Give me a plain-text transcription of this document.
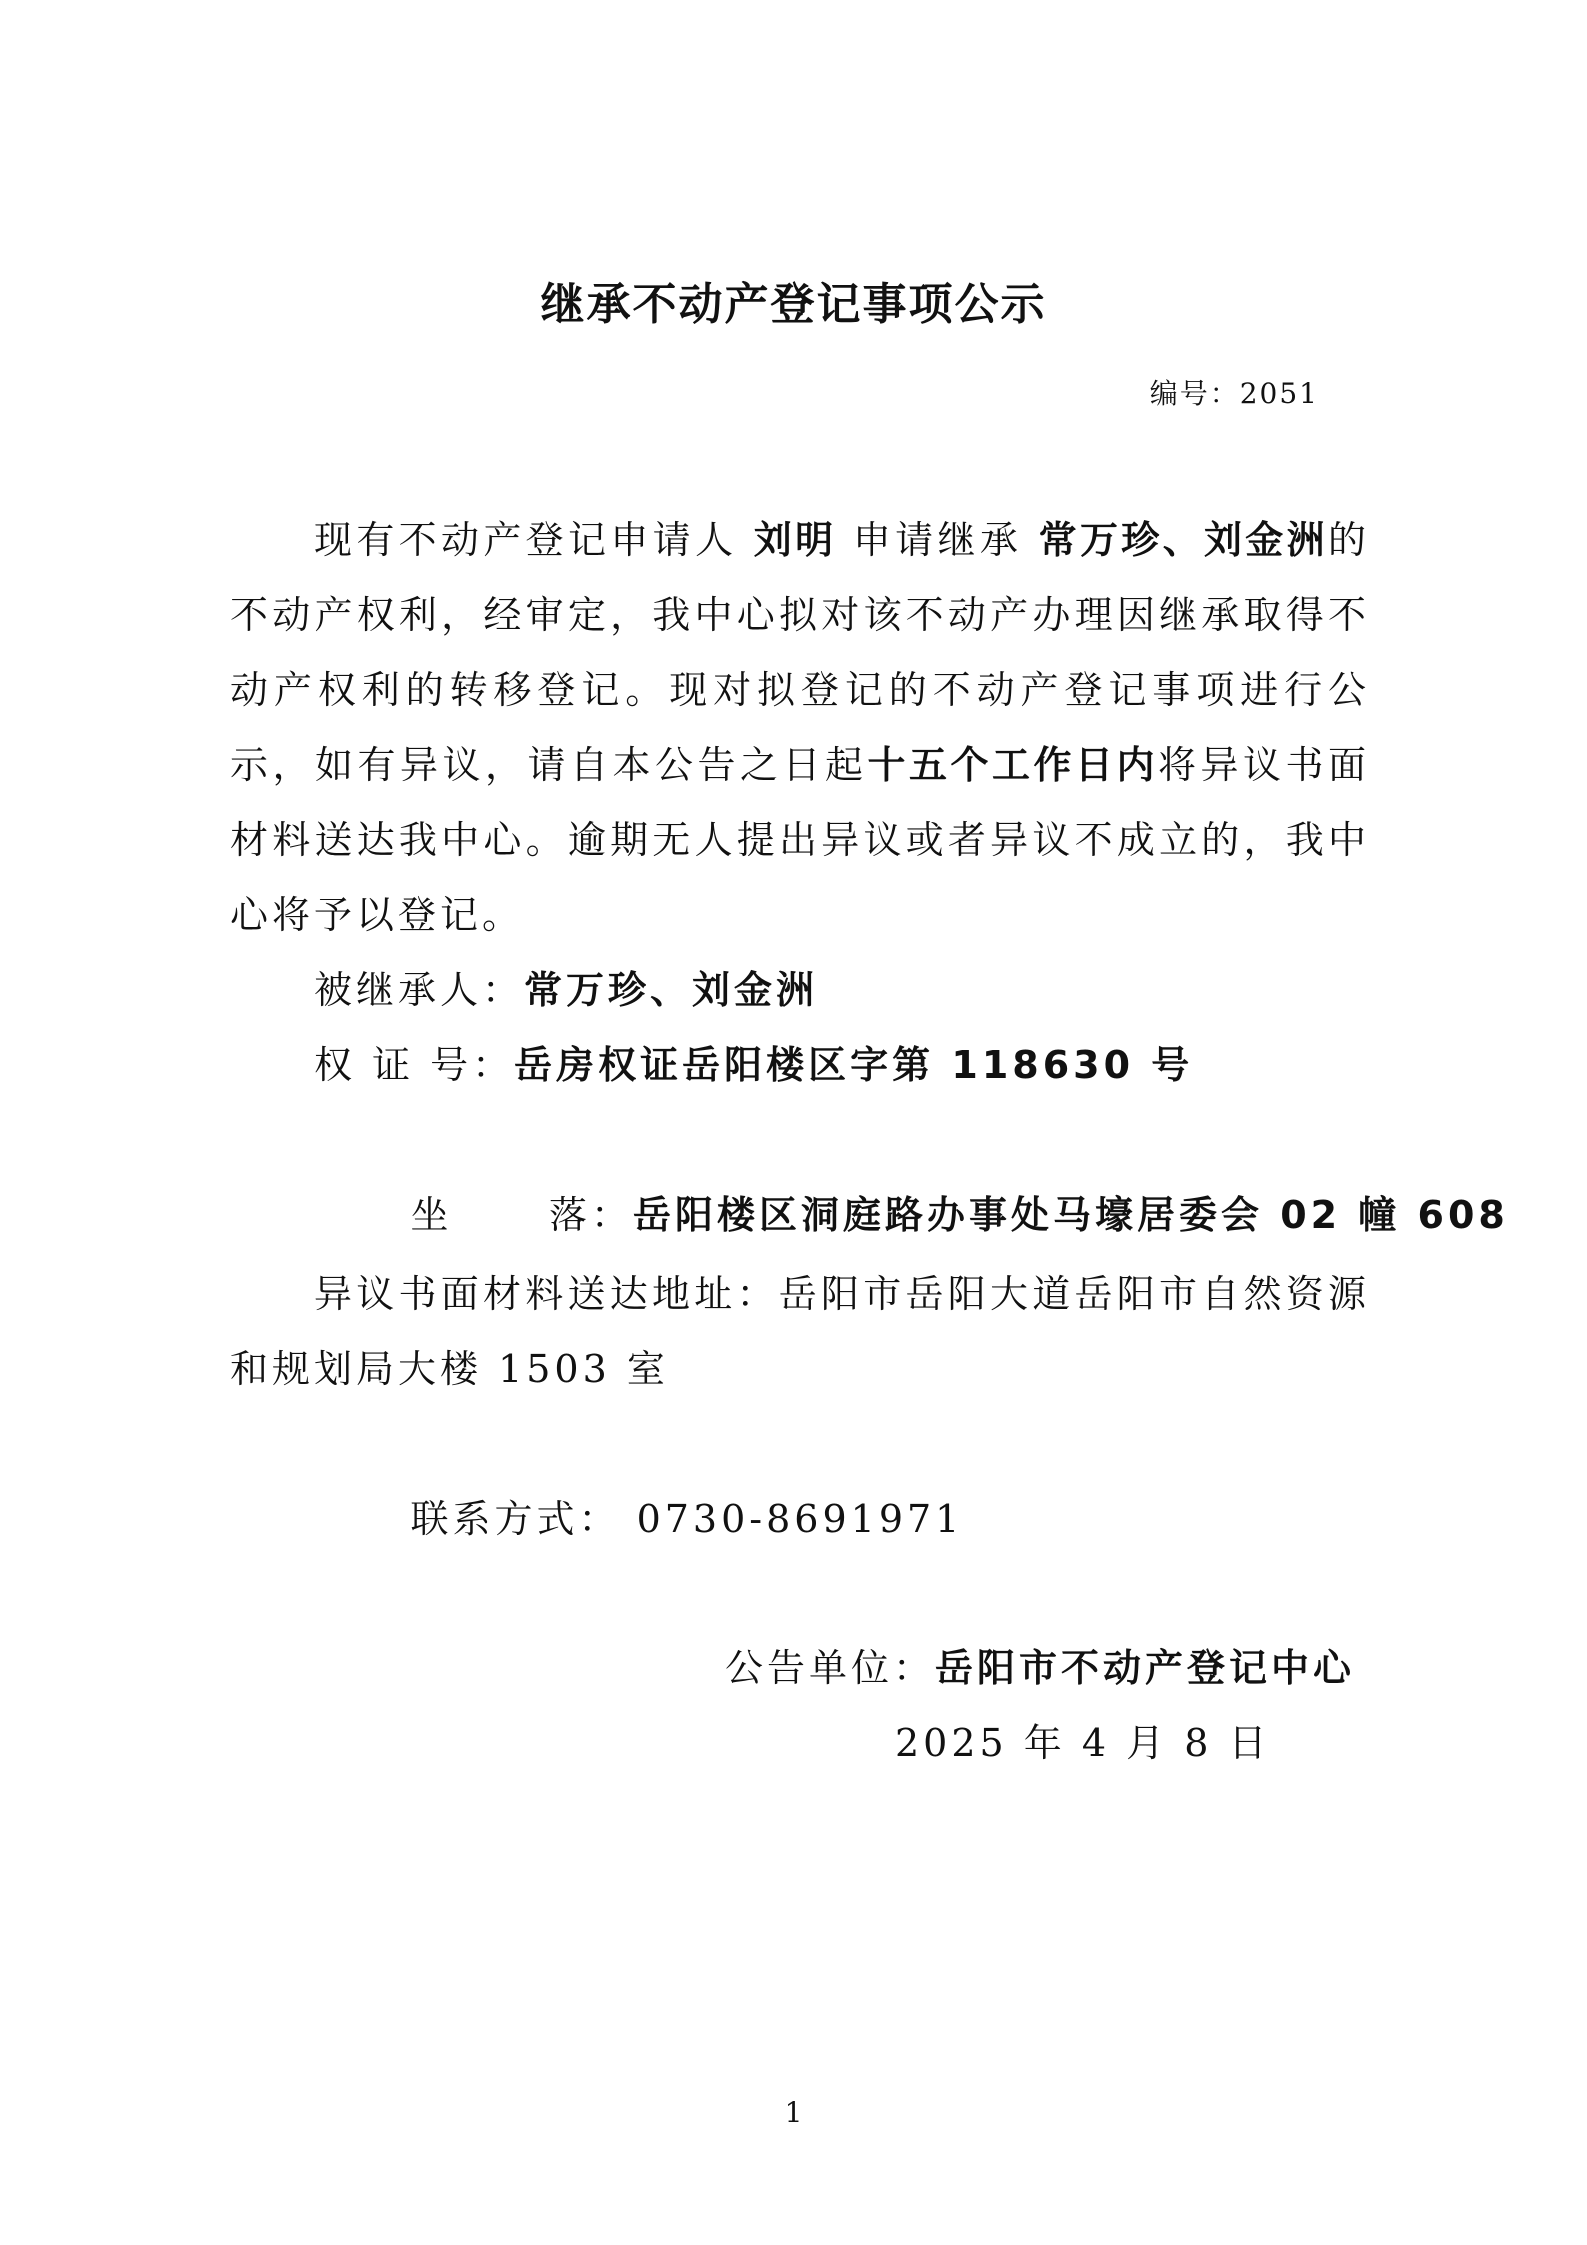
继承不动产登记事项公示
编号：2051

现有不动产登记申请人 刘明 申请继承 常万珍、刘金洲的不动产权利，经审定，我中心拟对该不动产办理因继承取得不动产权利的转移登记。现对拟登记的不动产登记事项进行公示，如有异议，请自本公告之日起十五个工作日内将异议书面材料送达我中心。逾期无人提出异议或者异议不成立的，我中心将予以登记。

被继承人：常万珍、刘金洲
权 证 号：岳房权证岳阳楼区字第 118630 号

坐      落：岳阳楼区洞庭路办事处马壕居委会 02 幢 608

异议书面材料送达地址：岳阳市岳阳大道岳阳市自然资源和规划局大楼 1503 室

联系方式： 0730-8691971

公告单位：岳阳市不动产登记中心
2025 年 4 月 8 日
1
